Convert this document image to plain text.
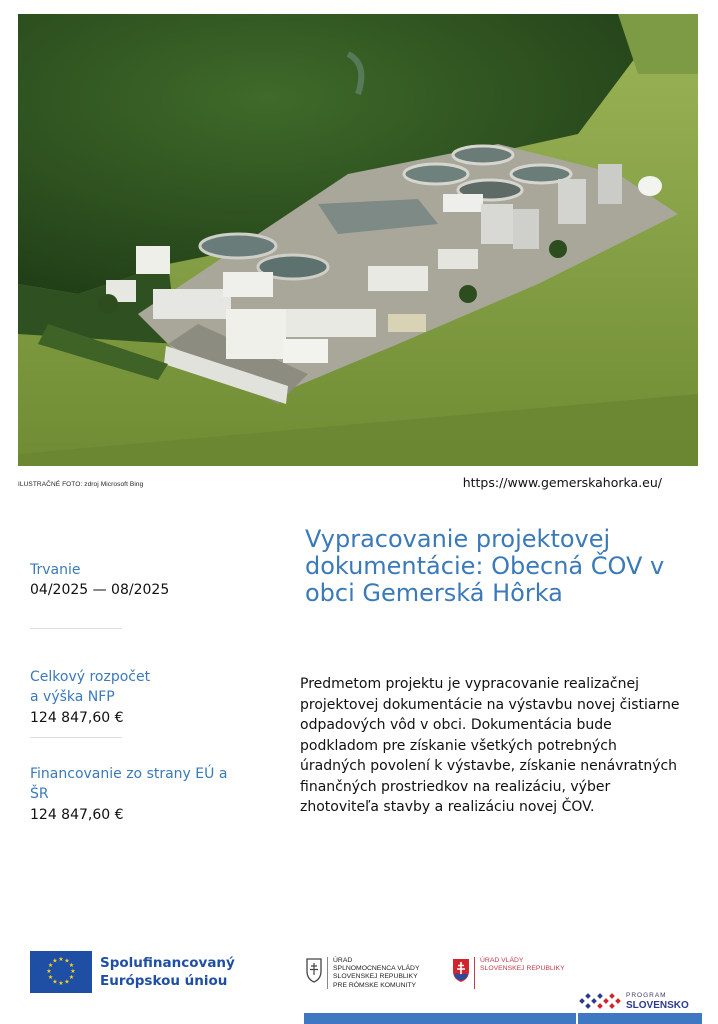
ILUSTRAČNÉ FOTO: zdroj Microsoft Bing	https://www.gemerskahorka.eu/
Vypracovanie projektovej dokumentácie: Obecná ČOV v obci Gemerská Hôrka
Trvanie
04/2025 — 08/2025
Celkový rozpočet
a výška NFP
124 847,60 €
Financovanie zo strany EÚ a
ŠR
124 847,60 €
Predmetom projektu je vypracovanie realizačnej projektovej dokumentácie na výstavbu novej čistiarne odpadových vôd v obci. Dokumentácia bude podkladom pre získanie všetkých potrebných úradných povolení k výstavbe, získanie nenávratných finančných prostriedkov na realizáciu, výber zhotoviteľa stavby a realizáciu novej ČOV.
★ ★
★
★
★
★
★
★
★
★
★
★	Spolufinancovaný
Európskou úniou
ÚRAD
SPLNOMOCNENCA VLÁDY
SLOVENSKEJ REPUBLIKY
PRE RÓMSKE KOMUNITY
ÚRAD VLÁDY
SLOVENSKEJ REPUBLIKY
PROGRAM
SLOVENSKO
